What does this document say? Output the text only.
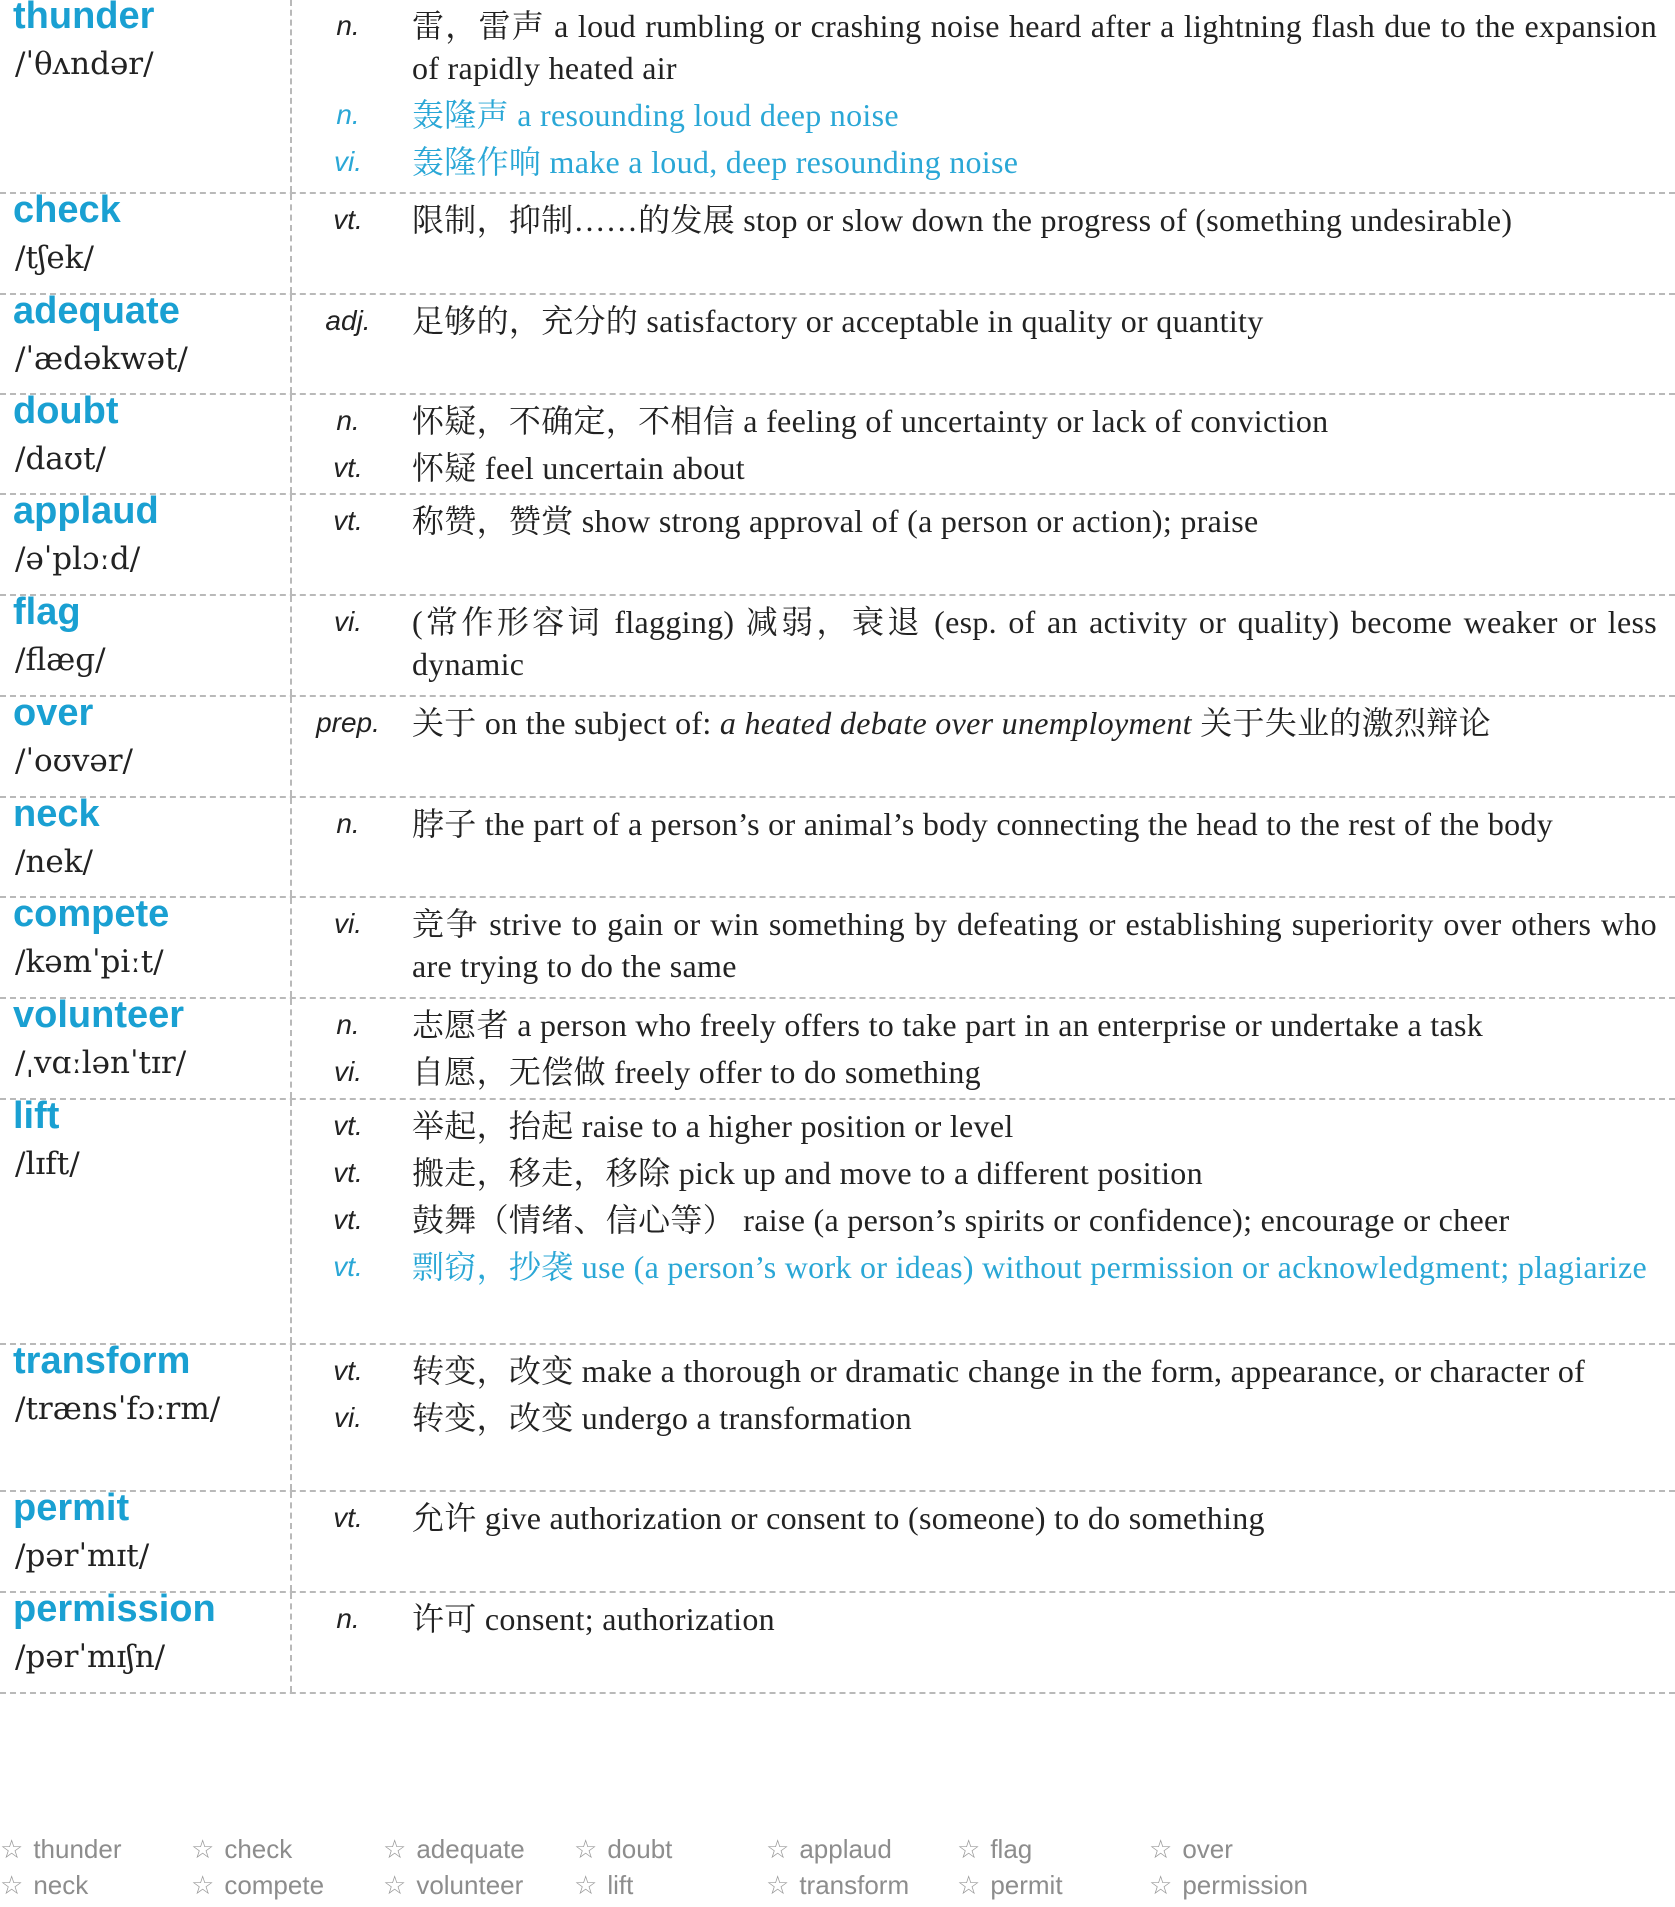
thunder
/ˈθʌndər/
n.	雷，雷声 a loud rumbling or crashing noise heard after a lightning flash due to the expansion of rapidly heated air
n.	轰隆声 a resounding loud deep noise
vi.	轰隆作响 make a loud, deep resounding noise
check
/tʃek/
vt.	限制，抑制……的发展 stop or slow down the progress of (something undesirable)
adequate
/ˈædəkwət/
adj.	足够的，充分的 satisfactory or acceptable in quality or quantity
doubt
/daʊt/
n.	怀疑，不确定，不相信 a feeling of uncertainty or lack of conviction
vt.	怀疑 feel uncertain about
applaud
/əˈplɔːd/
vt.	称赞，赞赏 show strong approval of (a person or action); praise
flag
/flæɡ/
vi.	(常作形容词 flagging) 减弱，衰退 (esp. of an activity or quality) become weaker or less dynamic
over
/ˈoʊvər/
prep.	关于 on the subject of: a heated debate over unemployment 关于失业的激烈辩论
neck
/nek/
n.	脖子 the part of a person’s or animal’s body connecting the head to the rest of the body
compete
/kəmˈpiːt/
vi.	竞争 strive to gain or win something by defeating or establishing superiority over others who are trying to do the same
volunteer
/ˌvɑːlənˈtɪr/
n.	志愿者 a person who freely offers to take part in an enterprise or undertake a task
vi.	自愿，无偿做 freely offer to do something
lift
/lɪft/
vt.	举起，抬起 raise to a higher position or level
vt.	搬走，移走，移除 pick up and move to a different position
vt.	鼓舞（情绪、信心等） raise (a person’s spirits or confidence); encourage or cheer
vt.	剽窃，抄袭 use (a person’s work or ideas) without permission or acknowledgment; plagiarize
transform
/trænsˈfɔːrm/
vt.	转变，改变 make a thorough or dramatic change in the form, appearance, or character of
vi.	转变，改变 undergo a transformation
permit
/pərˈmɪt/
vt.	允许 give authorization or consent to (someone) to do something
permission
/pərˈmɪʃn/
n.	许可 consent; authorization
☆ thunder	☆ check	☆ adequate ☆ doubt	☆ applaud	☆ flag	☆ over
☆ neck	☆ compete ☆ volunteer ☆ lift	☆ transform ☆ permit	☆ permission
